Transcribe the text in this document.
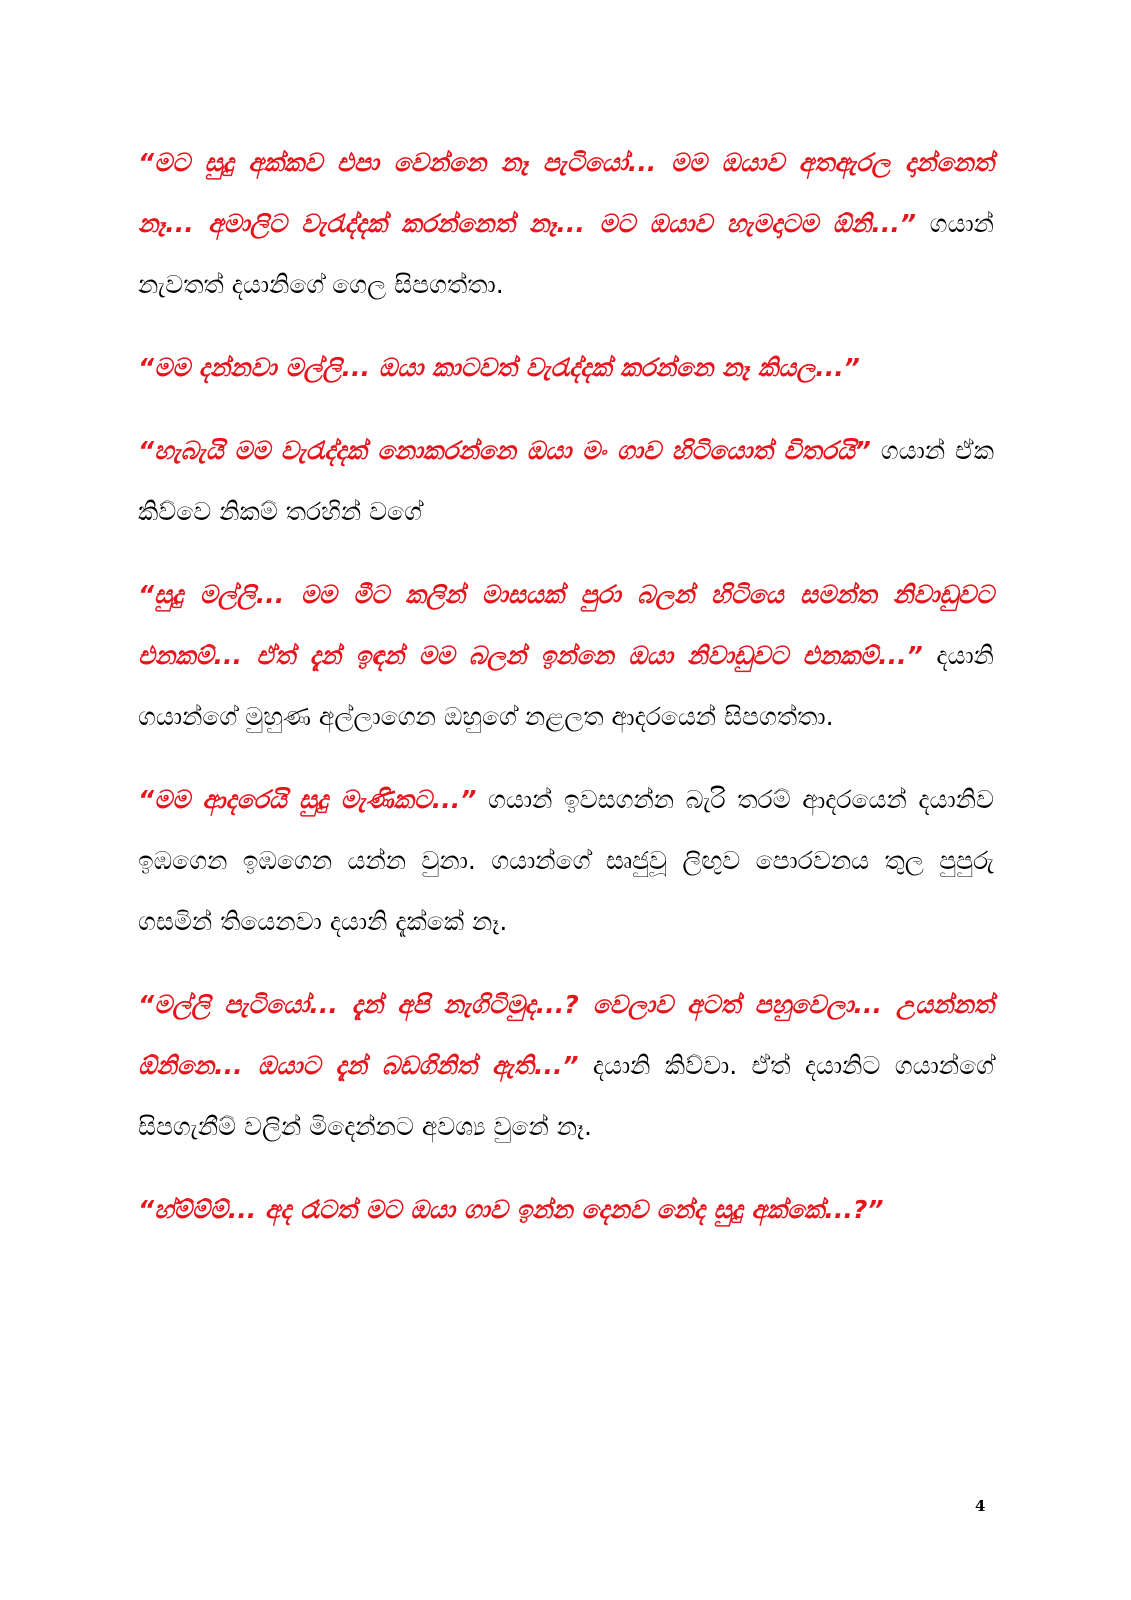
“මට සුදු අක්කව එපා වෙන්නෙ නෑ පැටියෝ... මම ඔයාව අතඇරල දාන්නෙත් නෑ... අමාලිට වැරැද්දක් කරන්නෙත් නෑ... මට ඔයාව හැමදාටම ඕනි...” ගයාන් නැවතත් දයානිගේ ගෙල සිපගත්තා.

“මම දන්නවා මල්ලි... ඔයා කාටවත් වැරැද්දක් කරන්නෙ නෑ කියල...”

“හැබැයි මම වැරැද්දක් නොකරන්නෙ ඔයා මං ගාව හිටියොත් විතරයි” ගයාන් ඒක කිව්වෙ නිකම් තරහින් වගේ

“සුදු මල්ලි... මම මීට කලින් මාසයක් පුරා බලන් හිටියෙ සමන්ත නිවාඩුවට එනකම්... ඒත් දැන් ඉඳන් මම බලන් ඉන්නෙ ඔයා නිවාඩුවට එනකම්...” දයානි ගයාන්ගේ මුහුණ අල්ලාගෙන ඔහුගේ නළලත ආදරයෙන් සිපගත්තා.

“මම ආදරෙයි සුදු මැණිකට...” ගයාන් ඉවසගන්න බැරි තරම් ආදරයෙන් දයානිව ඉඹගෙන ඉඹගෙන යන්න වුනා. ගයාන්ගේ සෘජුවූ ලිඟුව පොරවනය තුල පුපුරු ගසමින් තියෙනවා දයානි දැක්කේ නෑ.

“මල්ලි පැටියෝ... දැන් අපි නැගිටිමුද...? වෙලාව අටත් පහුවෙලා... උයන්නත් ඕනිනෙ... ඔයාට දැන් බඩගිනිත් ඇති...” දයානි කිව්වා. ඒත් දයානිට ගයාන්ගේ සිපගැනීම් වලින් මිදෙන්නට අවශ්‍ය වුනේ නෑ.

“හ්ම්ම්ම්... අද රෑටත් මට ඔයා ගාව ඉන්න දෙනව නේද සුදු අක්කේ...?”

4
